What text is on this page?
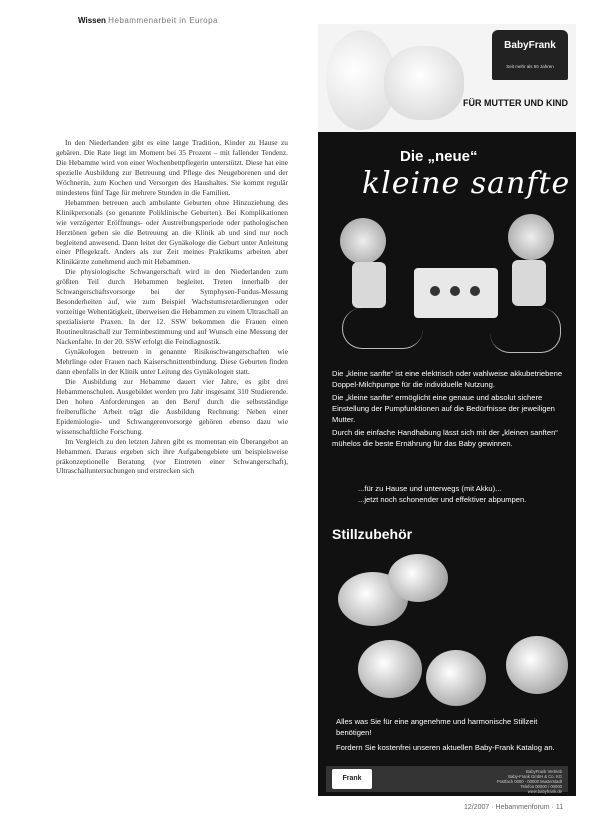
Wissen Hebammenarbeit in Europa

In den Niederlanden gibt es eine lange Tradition, Kinder zu Hause zu gebären. Die Rate liegt im Moment bei 35 Prozent – mit fallender Tendenz. Die Hebamme wird von einer Wochenbettpflegerin unterstützt. Diese hat eine spezielle Ausbildung zur Betreuung und Pflege des Neugeborenen und der Wöchnerin, zum Kochen und Versorgen des Haushaltes. Sie kommt regulär mindestens fünf Tage für mehrere Stunden in die Familien.

Hebammen betreuen auch ambulante Geburten ohne Hinzuziehung des Klinikpersonals (so genannte Poliklinische Geburten). Bei Komplikationen wie verzögerter Eröffnungs- oder Austreibungsperiode oder pathologischen Herztönen geben sie die Betreuung an die Klinik ab und sind nur noch begleitend anwesend. Dann leitet der Gynäkologe die Geburt unter Anleitung einer Pflegekraft. Anders als zur Zeit meines Praktikums arbeiten aber Klinikärzte zunehmend auch mit Hebammen.

Die physiologische Schwangerschaft wird in den Niederlanden zum größten Teil durch Hebammen begleitet. Treten innerhalb der Schwangerschaftsvorsorge bei der Symphysen-Fundus-Messung Besonderheiten auf, wie zum Beispiel Wachstumsretardierungen oder vorzeitige Wehentätigkeit, überweisen die Hebammen zu einem Ultraschall an spezialisierte Praxen. In der 12. SSW bekommen die Frauen einen Routineultraschall zur Terminbestimmung und auf Wunsch eine Messung der Nackenfalte. In der 20. SSW erfolgt die Feindiagnostik.

Gynäkologen betreuen in genannte Risikoschwangerschaften wie Mehrlinge oder Frauen nach Kaiserschnittentbindung. Diese Geburten finden dann ebenfalls in der Klinik unter Leitung des Gynäkologen statt.

Die Ausbildung zur Hebamme dauert vier Jahre, es gibt drei Hebammenschulen. Ausgebildet werden pro Jahr insgesamt 310 Studierende. Den hohen Anforderungen an den Beruf durch die selbstständige freiberufliche Arbeit trägt die Ausbildung Rechnung: Neben einer Epidemiologie- und Schwangerenvorsorge gehören ebenso dazu wie wissenschaftliche Forschung.

Im Vergleich zu den letzten Jahren gibt es momentan ein Überangebot an Hebammen. Daraus ergeben sich ihre Aufgabengebiete um beispielsweise präkonzeptionelle Beratung (vor Eintreten einer Schwangerschaft), Ultraschalluntersuchungen und erstrecken sich

BabyFrank
Seit mehr als 50 Jahren
FÜR MUTTER UND KIND
Die „neue“
kleine sanfte

Die „kleine sanfte“ ist eine elektrisch oder wahlweise akkubetriebene Doppel-Milchpumpe für die individuelle Nutzung.

Die „kleine sanfte“ ermöglicht eine genaue und absolut sichere Einstellung der Pumpfunktionen auf die Bedürfnisse der jeweiligen Mutter.

Durch die einfache Handhabung lässt sich mit der „kleinen sanften“ mühelos die beste Ernährung für das Baby gewinnen.

...für zu Hause und unterwegs (mit Akku)...
...jetzt noch schonender und effektiver abpumpen.
Stillzubehör

Alles was Sie für eine angenehme und harmonische Stillzeit benötigen!

Fordern Sie kostenfrei unseren aktuellen Baby-Frank Katalog an.

Frank
BabyFrank Vertrieb
Baby-Frank GmbH & Co. KG
Postfach 0000 · 00000 Musterstadt
Telefon 00000 / 00000
www.babyfrank.de
12/2007 · Hebammenforum · 11
